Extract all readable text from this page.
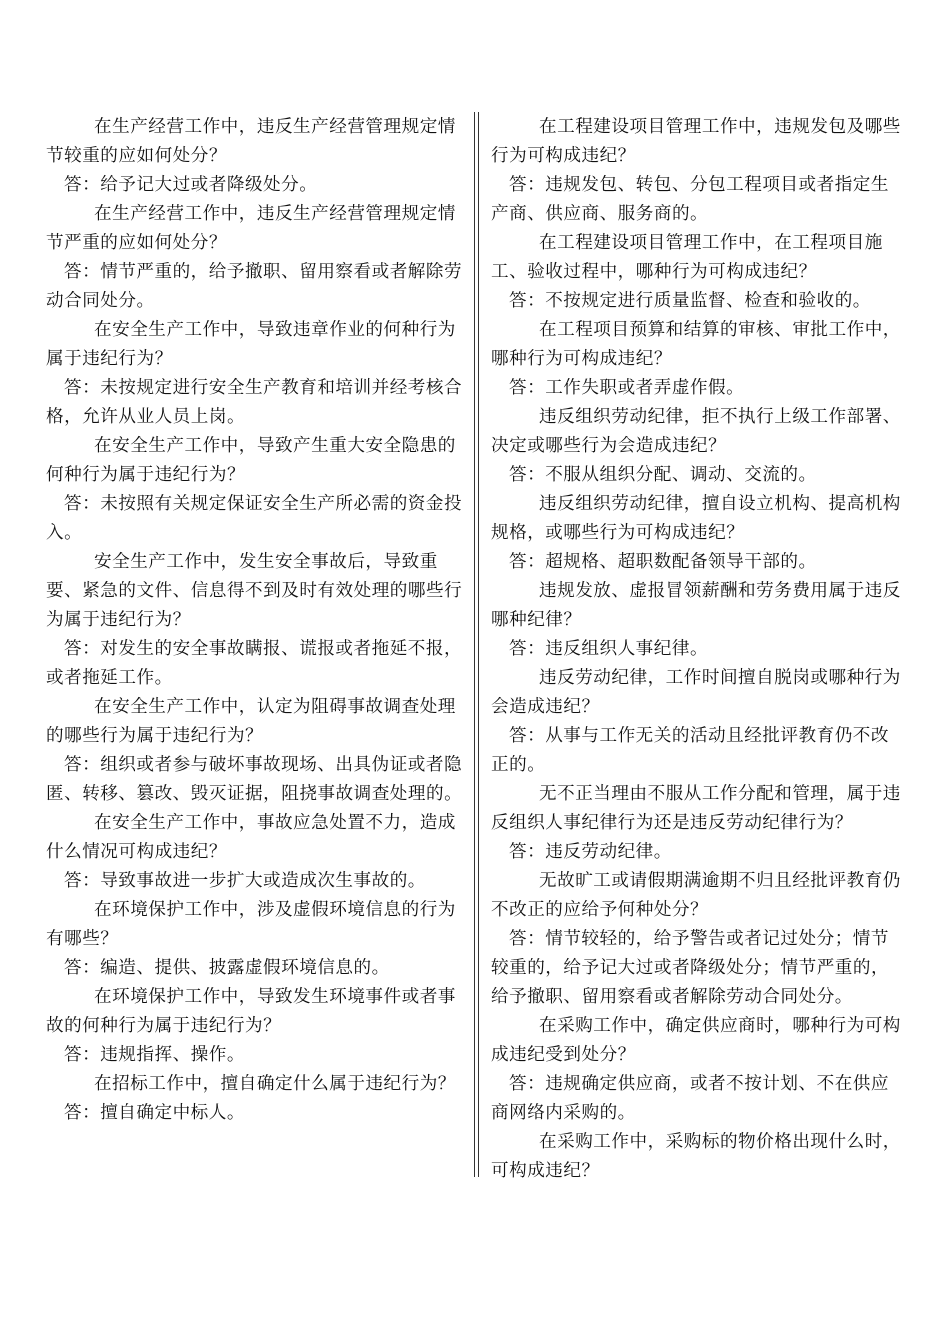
在生产经营工作中，违反生产经营管理规定情节较重的应如何处分？

答：给予记大过或者降级处分。

在生产经营工作中，违反生产经营管理规定情节严重的应如何处分？

答：情节严重的，给予撤职、留用察看或者解除劳动合同处分。

在安全生产工作中，导致违章作业的何种行为属于违纪行为？

答：未按规定进行安全生产教育和培训并经考核合格，允许从业人员上岗。

在安全生产工作中，导致产生重大安全隐患的何种行为属于违纪行为？

答：未按照有关规定保证安全生产所必需的资金投入。

安全生产工作中，发生安全事故后，导致重要、紧急的文件、信息得不到及时有效处理的哪些行为属于违纪行为？

答：对发生的安全事故瞒报、谎报或者拖延不报，或者拖延工作。

在安全生产工作中，认定为阻碍事故调查处理的哪些行为属于违纪行为？

答：组织或者参与破坏事故现场、出具伪证或者隐匿、转移、篡改、毁灭证据，阻挠事故调查处理的。

在安全生产工作中，事故应急处置不力，造成什么情况可构成违纪？

答：导致事故进一步扩大或造成次生事故的。

在环境保护工作中，涉及虚假环境信息的行为有哪些？

答：编造、提供、披露虚假环境信息的。

在环境保护工作中，导致发生环境事件或者事故的何种行为属于违纪行为？

答：违规指挥、操作。

在招标工作中，擅自确定什么属于违纪行为？

答：擅自确定中标人。

在工程建设项目管理工作中，违规发包及哪些行为可构成违纪？

答：违规发包、转包、分包工程项目或者指定生产商、供应商、服务商的。

在工程建设项目管理工作中，在工程项目施工、验收过程中，哪种行为可构成违纪？

答：不按规定进行质量监督、检查和验收的。

在工程项目预算和结算的审核、审批工作中，哪种行为可构成违纪？

答：工作失职或者弄虚作假。

违反组织劳动纪律，拒不执行上级工作部署、决定或哪些行为会造成违纪？

答：不服从组织分配、调动、交流的。

违反组织劳动纪律，擅自设立机构、提高机构规格，或哪些行为可构成违纪？

答：超规格、超职数配备领导干部的。

违规发放、虚报冒领薪酬和劳务费用属于违反哪种纪律？

答：违反组织人事纪律。

违反劳动纪律，工作时间擅自脱岗或哪种行为会造成违纪？

答：从事与工作无关的活动且经批评教育仍不改正的。

无不正当理由不服从工作分配和管理，属于违反组织人事纪律行为还是违反劳动纪律行为？

答：违反劳动纪律。

无故旷工或请假期满逾期不归且经批评教育仍不改正的应给予何种处分？

答：情节较轻的，给予警告或者记过处分；情节较重的，给予记大过或者降级处分；情节严重的，给予撤职、留用察看或者解除劳动合同处分。

在采购工作中，确定供应商时，哪种行为可构成违纪受到处分？

答：违规确定供应商，或者不按计划、不在供应商网络内采购的。

在采购工作中，采购标的物价格出现什么时，可构成违纪？
